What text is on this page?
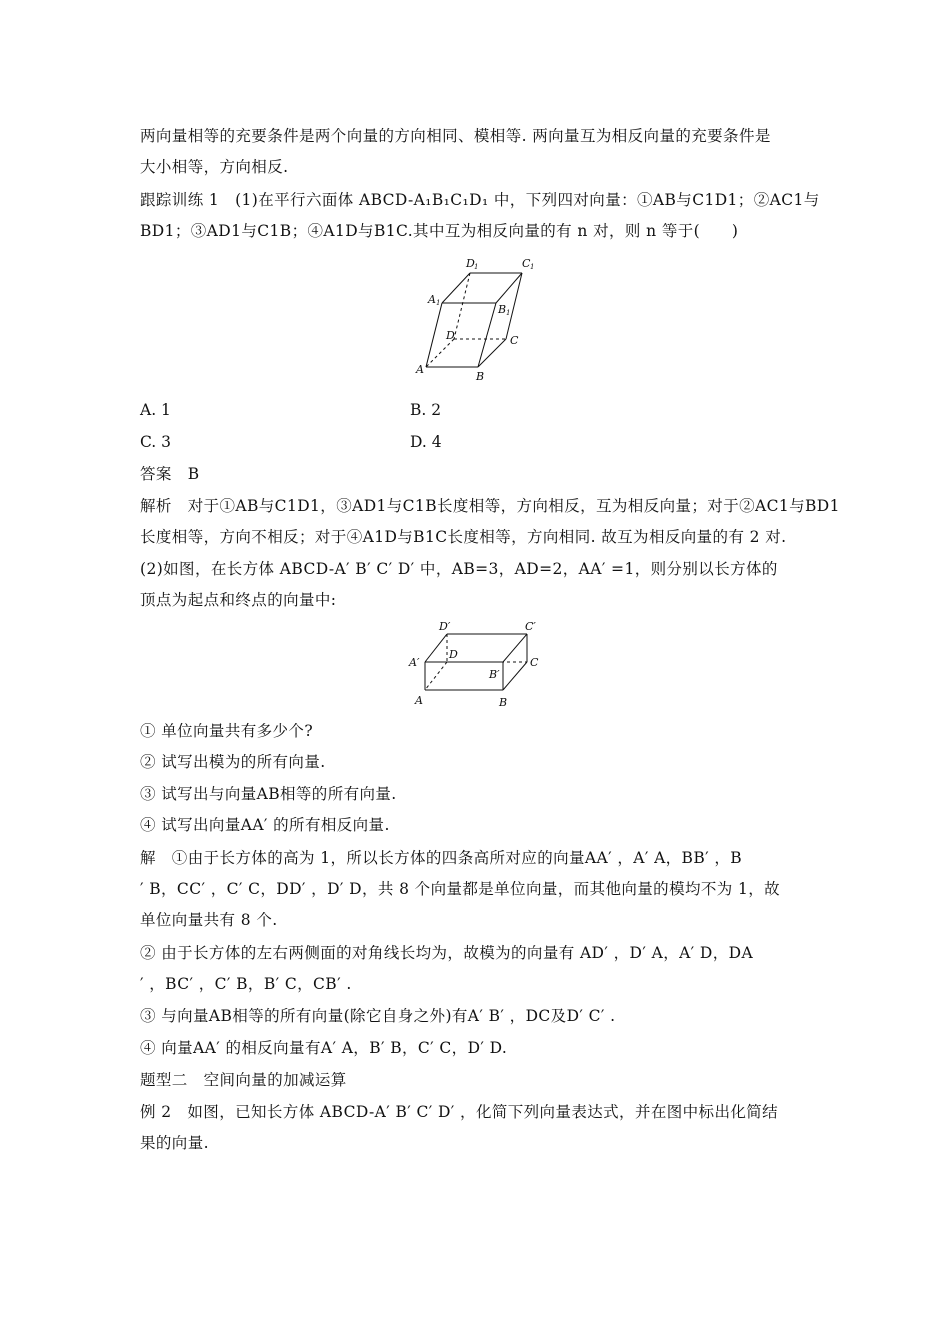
两向量相等的充要条件是两个向量的方向相同、模相等. 两向量互为相反向量的充要条件是
大小相等，方向相反.
跟踪训练 1　(1)在平行六面体 ABCD-A₁B₁C₁D₁ 中，下列四对向量：①AB与C1D1；②AC1与
BD1；③AD1与C1B；④A1D与B1C.其中互为相反向量的有 n 对，则 n 等于(　　)
D 1	C 1
A 1	B 1
D	C
A
B
A. 1	B. 2
C. 3	D. 4
答案　B
解析　对于①AB与C1D1，③AD1与C1B长度相等，方向相反，互为相反向量；对于②AC1与BD1
长度相等，方向不相反；对于④A1D与B1C长度相等，方向相同. 故互为相反向量的有 2 对.
(2)如图，在长方体 ABCD-A′ B′ C′ D′ 中，AB=3，AD=2，AA′ =1，则分别以长方体的
顶点为起点和终点的向量中:
D′	C′
A′
B′
D
C
A	B
① 单位向量共有多少个?
② 试写出模为的所有向量.
③ 试写出与向量AB相等的所有向量.
④ 试写出向量AA′ 的所有相反向量.
解　①由于长方体的高为 1，所以长方体的四条高所对应的向量AA′ ，A′ A，BB′ ，B
′ B，CC′ ，C′ C，DD′ ，D′ D，共 8 个向量都是单位向量，而其他向量的模均不为 1，故
单位向量共有 8 个.
② 由于长方体的左右两侧面的对角线长均为，故模为的向量有 AD′ ，D′ A，A′ D，DA
′ ，BC′ ，C′ B，B′ C，CB′ .
③ 与向量AB相等的所有向量(除它自身之外)有A′ B′ ，DC及D′ C′ .
④ 向量AA′ 的相反向量有A′ A，B′ B，C′ C，D′ D.
题型二　空间向量的加减运算
例 2　如图，已知长方体 ABCD-A′ B′ C′ D′ ，化简下列向量表达式，并在图中标出化简结
果的向量.
